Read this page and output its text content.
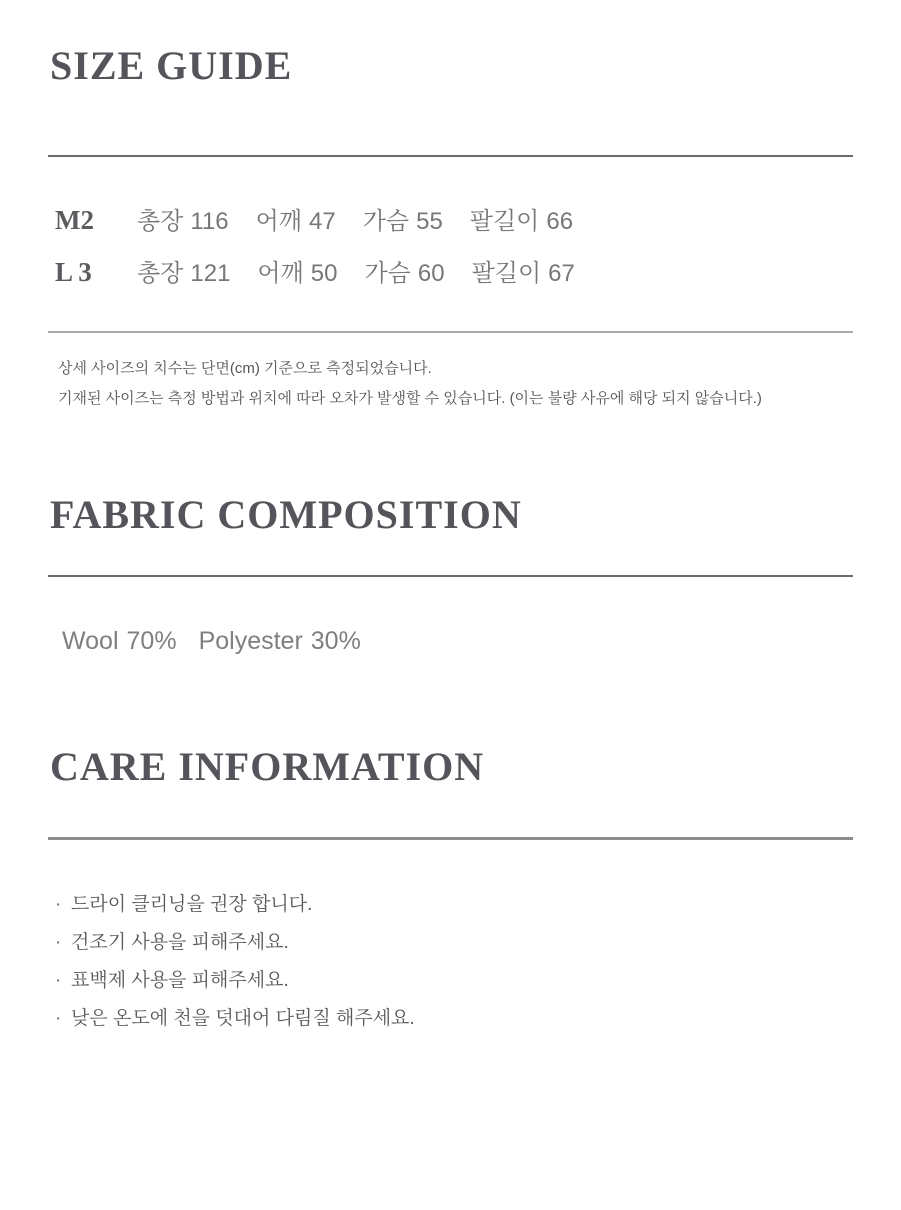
SIZE GUIDE
M2	총장 116 어깨 47 가슴 55 팔길이 66
L 3	총장 121 어깨 50 가슴 60 팔길이 67

상세 사이즈의 치수는 단면(cm) 기준으로 측정되었습니다.

기재된 사이즈는 측정 방법과 위치에 따라 오차가 발생할 수 있습니다. (이는 불량 사유에 해당 되지 않습니다.)

FABRIC COMPOSITION
Wool 70% Polyester 30%
CARE INFORMATION
· 드라이 클리닝을 권장 합니다.
· 건조기 사용을 피해주세요.
· 표백제 사용을 피해주세요.
· 낮은 온도에 천을 덧대어 다림질 해주세요.
